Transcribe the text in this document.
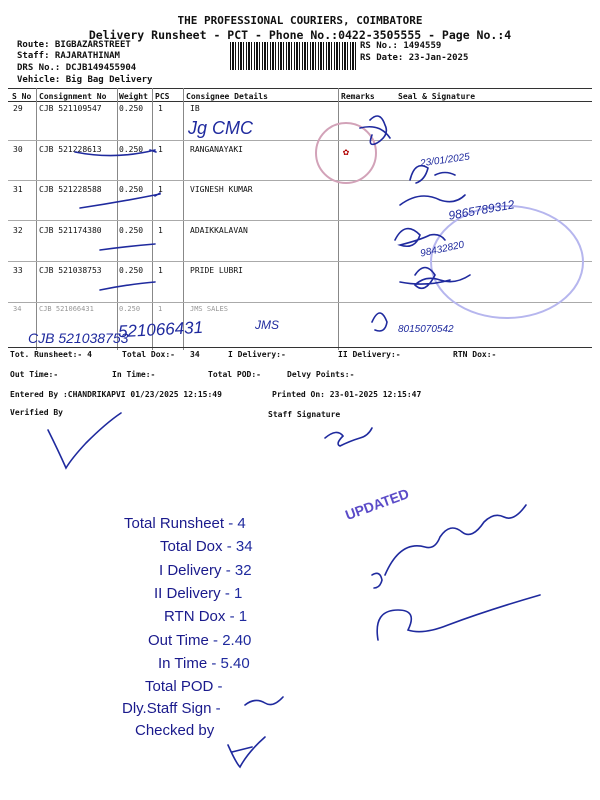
THE PROFESSIONAL COURIERS, COIMBATORE
Delivery Runsheet - PCT - Phone No.:0422-3505555 - Page No.:4
Route: BIGBAZARSTREET
Staff: RAJARATHINAM
DRS No.: DCJB149455904
Vehicle: Big Bag Delivery
RS No.: 1494559
RS Date: 23-Jan-2025
S No Consignment No Weight PCS Consignee Details	Remarks	Seal & Signature
29 CJB 521109547 0.250 1	IB
30 CJB 521228613 0.250 1	RANGANAYAKI
31 CJB 521228588 0.250 1	VIGNESH KUMAR
32 CJB 521174380 0.250 1	ADAIKKALAVAN
33 CJB 521038753 0.250 1	PRIDE LUBRI
34	CJB 521066431	0.250	1	JMS SALES
Tot. Runsheet:- 4	Total Dox:- 34	I Delivery:-	II Delivery:-	RTN Dox:-
Out Time:-	In Time:-	Total POD:-	Delvy Points:-
Entered By :CHANDRIKAPVI 01/23/2025 12:15:49	Printed On: 23-01-2025 12:15:47
Verified By	Staff Signature
✿
UPDATED
Jg CMC
23/01/2025
9865789312
98432820
521066431
CJB 521038753
JMS	8015070542
Total Runsheet - 4
Total Dox - 34
I Delivery - 32
II Delivery - 1
RTN Dox - 1
Out Time - 2.40
In Time - 5.40
Total POD -
Dly.Staff Sign -
Checked by
